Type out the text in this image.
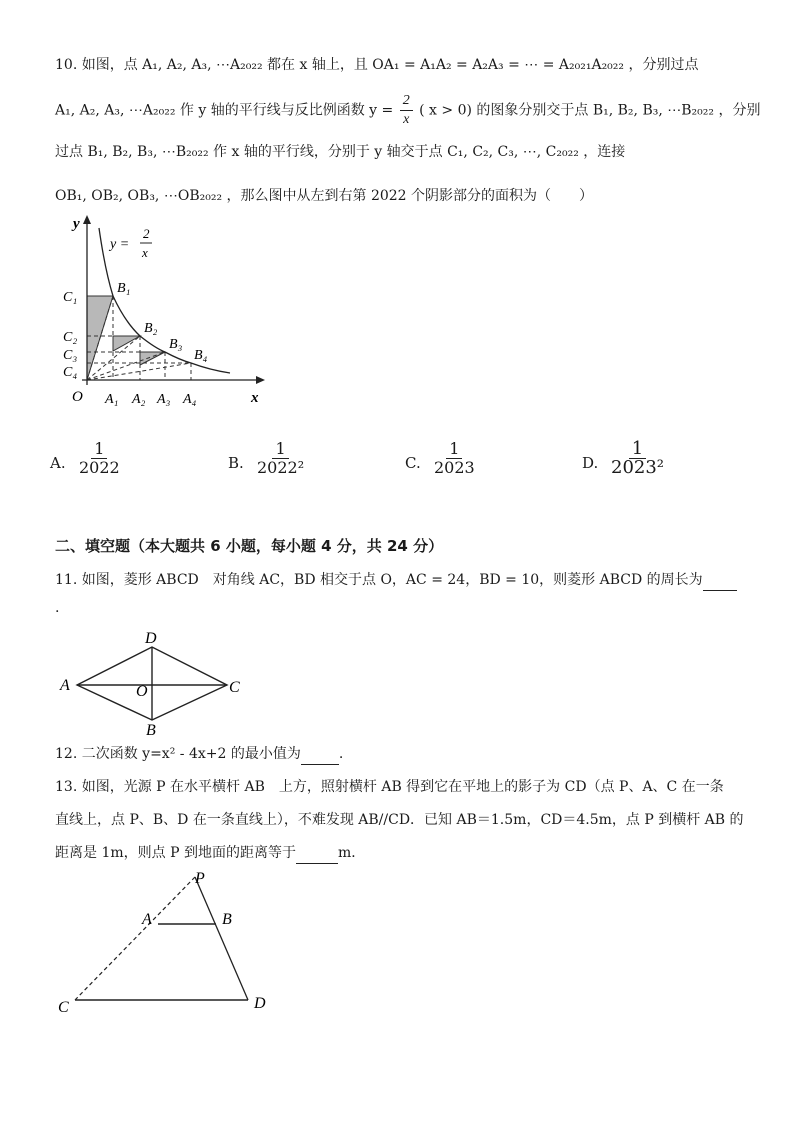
10. 如图，点 A₁, A₂, A₃, ⋯A₂₀₂₂ 都在 x 轴上，且 OA₁ = A₁A₂ = A₂A₃ = ⋯ = A₂₀₂₁A₂₀₂₂ ，分别过点
A₁, A₂, A₃, ⋯A₂₀₂₂ 作 y 轴的平行线与反比例函数 $y = \frac{2}{x}$ ( x > 0) 的图象分别交于点 B₁, B₂, B₃, ⋯B₂₀₂₂ ，分别
过点 B₁, B₂, B₃, ⋯B₂₀₂₂ 作 x 轴的平行线，分别于 y 轴交于点 C₁, C₂, C₃, ⋯, C₂₀₂₂ ，连接
OB₁, OB₂, OB₃, ⋯OB₂₀₂₂ ，那么图中从左到右第 2022 个阴影部分的面积为（　　）
y
x
O
y =
2
x
C₁
C₂
C₃
C₄
B₁
B₂
B₃
B₄
A₁ A₂ A₃ A₄
A. $\frac{1}{2022}$	B. $\frac{1}{\text{2022²}}$	C. $\frac{1}{2023}$	D. $\frac{1}{\text{2023²}}$
二、填空题（本大题共 6 小题，每小题 4 分，共 24 分）
11. 如图，菱形 ABCD　对角线 AC，BD 相交于点 O，AC = 24，BD = 10，则菱形 ABCD 的周长为
.
D
A	C
B
O
12. 二次函数 y=x² - 4x+2 的最小值为	.
13. 如图，光源 P 在水平横杆 AB　上方，照射横杆 AB 得到它在平地上的影子为 CD（点 P、A、C 在一条
直线上，点 P、B、D 在一条直线上），不难发现 AB//CD．已知 AB＝1.5m，CD＝4.5m，点 P 到横杆 AB 的
距离是 1m，则点 P 到地面的距离等于	m．
P
A	B
C	D
